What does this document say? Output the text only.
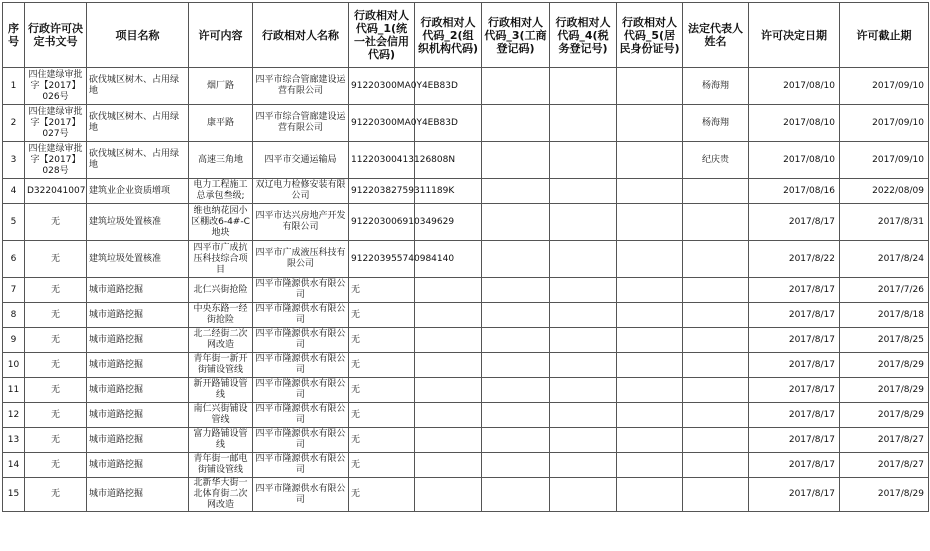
序号	行政许可决定书文号	项目名称	许可内容	行政相对人名称	行政相对人代码_1(统一社会信用代码)	行政相对人代码_2(组织机构代码)	行政相对人代码_3(工商登记码)	行政相对人代码_4(税务登记号)	行政相对人代码_5(居民身份证号)	法定代表人姓名	许可决定日期	许可截止期
1	四住建绿审批字【2017】026号	砍伐城区树木、占用绿地	烟厂路	四平市综合管廊建设运营有限公司	91220300MA0Y4EB83D					杨海翔	2017/08/10	2017/09/10
2	四住建绿审批字【2017】027号	砍伐城区树木、占用绿地	康平路	四平市综合管廊建设运营有限公司	91220300MA0Y4EB83D					杨海翔	2017/08/10	2017/09/10
3	四住建绿审批字【2017】028号	砍伐城区树木、占用绿地	高速三角地	四平市交通运输局	11220300413126808N					纪庆贵	2017/08/10	2017/09/10
4	D322041007	建筑业企业资质增项	电力工程施工总承包叁级;	双辽电力检修安装有限公司	91220382759311189K						2017/08/16	2022/08/09
5	无	建筑垃圾处置核准	维也纳花园小区棚改6-4#-C地块	四平市达兴房地产开发有限公司	912203006910349629						2017/8/17	2017/8/31
6	无	建筑垃圾处置核准	四平市广成抗压科技综合项目	四平市广成液压科技有限公司	912203955740984140						2017/8/22	2017/8/24
7	无	城市道路挖掘	北仁兴街抢险	四平市隆源供水有限公司	无						2017/8/17	2017/7/26
8	无	城市道路挖掘	中央东路一经街抢险	四平市隆源供水有限公司	无						2017/8/17	2017/8/18
9	无	城市道路挖掘	北二经街二次网改造	四平市隆源供水有限公司	无						2017/8/17	2017/8/25
10	无	城市道路挖掘	青年街一新开街铺设管线	四平市隆源供水有限公司	无						2017/8/17	2017/8/29
11	无	城市道路挖掘	新开路铺设管线	四平市隆源供水有限公司	无						2017/8/17	2017/8/29
12	无	城市道路挖掘	南仁兴街铺设管线	四平市隆源供水有限公司	无						2017/8/17	2017/8/29
13	无	城市道路挖掘	富力路铺设管线	四平市隆源供水有限公司	无						2017/8/17	2017/8/27
14	无	城市道路挖掘	青年街一邮电街铺设管线	四平市隆源供水有限公司	无						2017/8/17	2017/8/27
15	无	城市道路挖掘	北新华大街一北体育街二次网改造	四平市隆源供水有限公司	无						2017/8/17	2017/8/29
